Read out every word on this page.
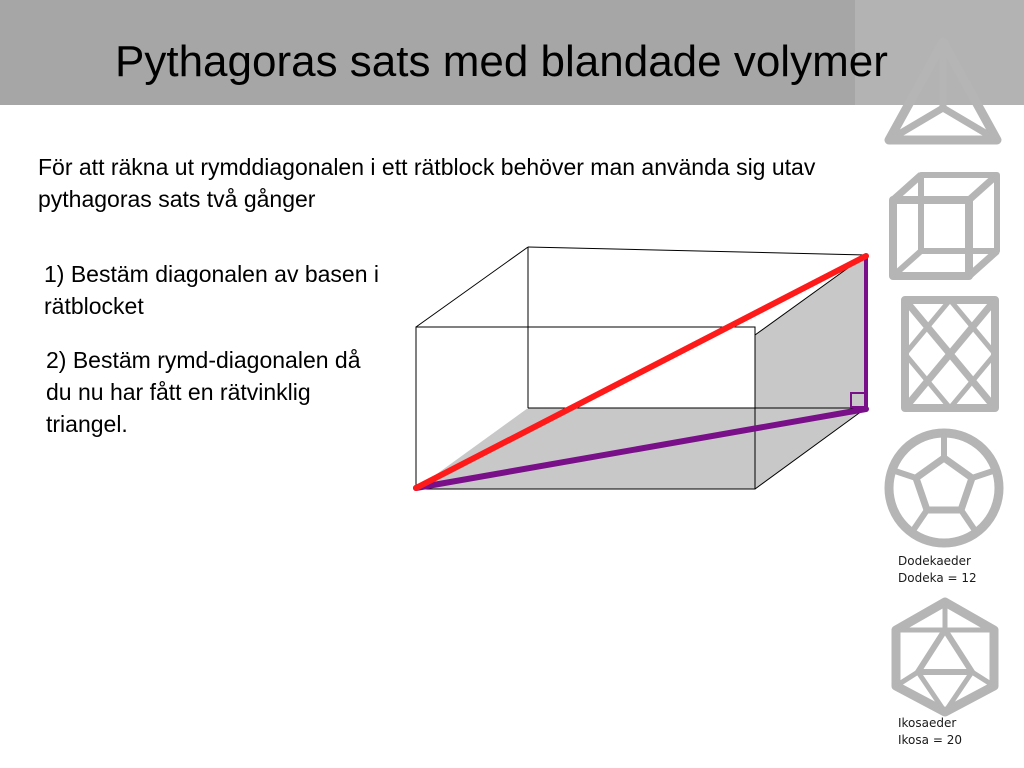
Pythagoras sats med blandade volymer
För att räkna ut rymddiagonalen i ett rätblock behöver man använda sig utav pythagoras sats två gånger
1) Bestäm diagonalen av basen i rätblocket
2) Bestäm rymd-diagonalen då du nu har fått en rätvinklig triangel.
Dodekaeder
Dodeka = 12
Ikosaeder
Ikosa = 20
